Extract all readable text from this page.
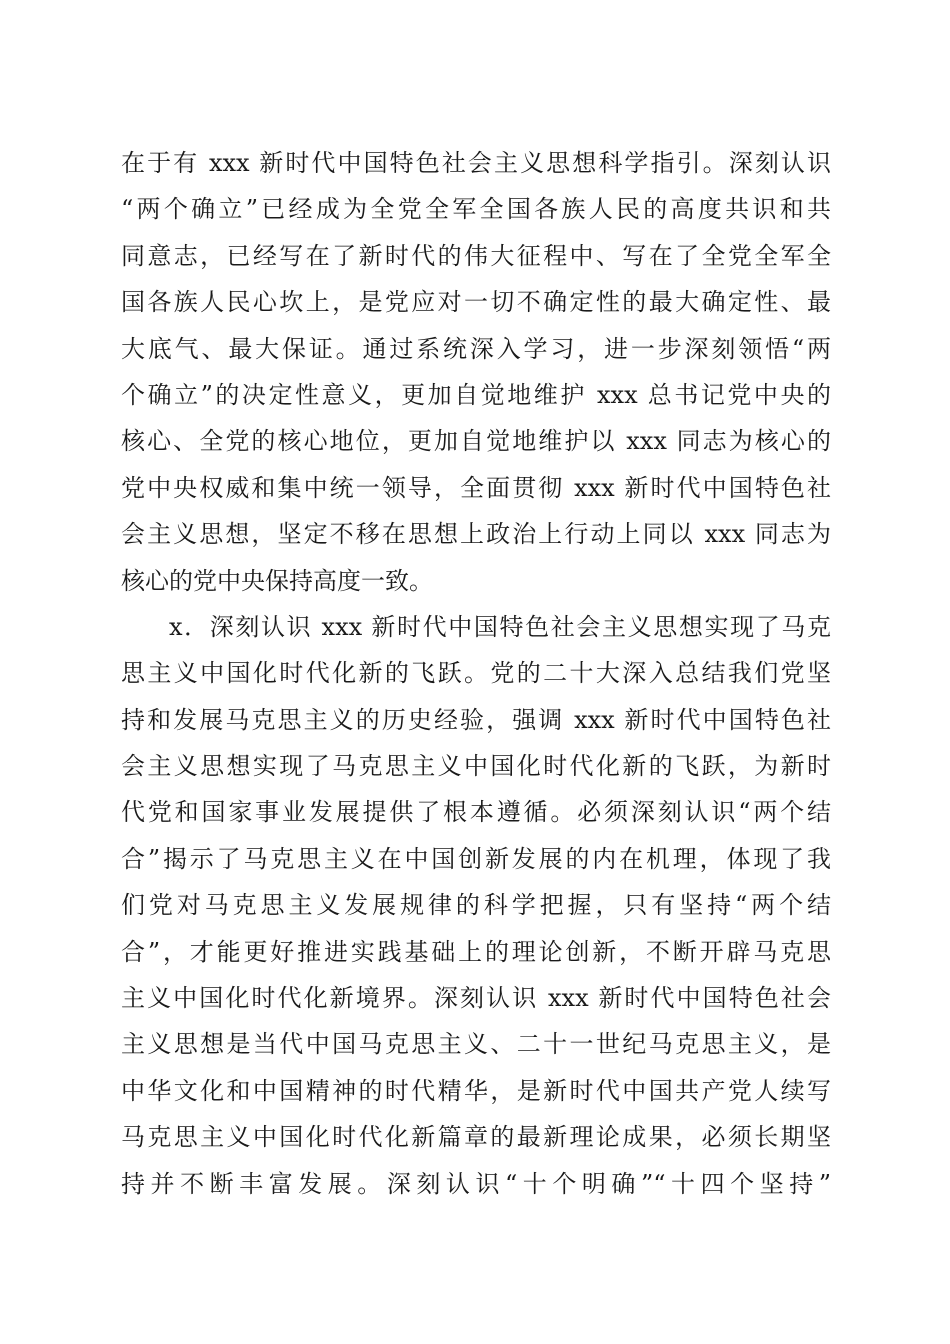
在于有 xxx 新时代中国特色社会主义思想科学指引。深刻认识
“两个确立”已经成为全党全军全国各族人民的高度共识和共
同意志，已经写在了新时代的伟大征程中、写在了全党全军全
国各族人民心坎上，是党应对一切不确定性的最大确定性、最
大底气、最大保证。通过系统深入学习，进一步深刻领悟“两
个确立”的决定性意义，更加自觉地维护 xxx 总书记党中央的
核心、全党的核心地位，更加自觉地维护以 xxx 同志为核心的
党中央权威和集中统一领导，全面贯彻 xxx 新时代中国特色社
会主义思想，坚定不移在思想上政治上行动上同以 xxx 同志为
核心的党中央保持高度一致。
x．深刻认识 xxx 新时代中国特色社会主义思想实现了马克
思主义中国化时代化新的飞跃。党的二十大深入总结我们党坚
持和发展马克思主义的历史经验，强调 xxx 新时代中国特色社
会主义思想实现了马克思主义中国化时代化新的飞跃，为新时
代党和国家事业发展提供了根本遵循。必须深刻认识“两个结
合”揭示了马克思主义在中国创新发展的内在机理，体现了我
们党对马克思主义发展规律的科学把握，只有坚持“两个结
合”，才能更好推进实践基础上的理论创新，不断开辟马克思
主义中国化时代化新境界。深刻认识 xxx 新时代中国特色社会
主义思想是当代中国马克思主义、二十一世纪马克思主义，是
中华文化和中国精神的时代精华，是新时代中国共产党人续写
马克思主义中国化时代化新篇章的最新理论成果，必须长期坚
持并不断丰富发展。深刻认识“十个明确”“十四个坚持”
